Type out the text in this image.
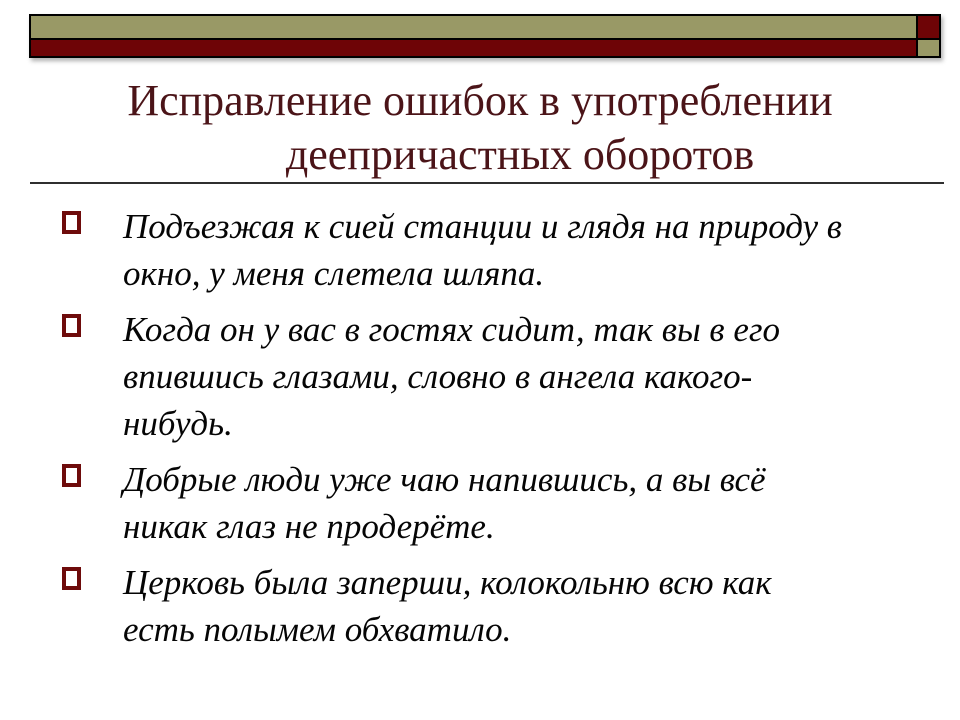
Исправление ошибок в употреблении
деепричастных оборотов
Подъезжая к сией станции и глядя на природу в
окно, у меня слетела шляпа.
Когда он у вас в гостях сидит, так вы в его
впившись глазами, словно в ангела какого-
нибудь.
Добрые люди уже чаю напившись, а вы всё
никак глаз не продерёте.
Церковь была заперши, колокольню всю как
есть полымем обхватило.
